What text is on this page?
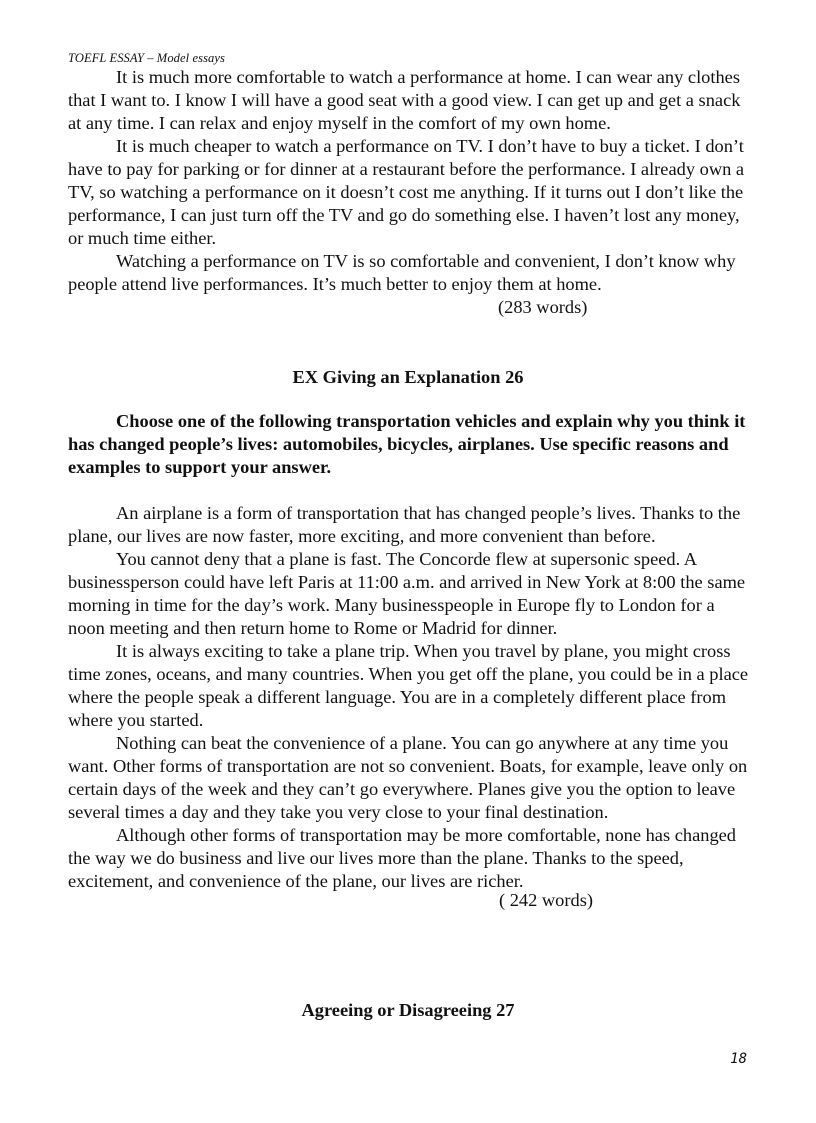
TOEFL ESSAY – Model essays

It is much more comfortable to watch a performance at home. I can wear any clothes that I want to. I know I will have a good seat with a good view. I can get up and get a snack at any time. I can relax and enjoy myself in the comfort of my own home.

It is much cheaper to watch a performance on TV. I don’t have to buy a ticket. I don’t have to pay for parking or for dinner at a restaurant before the performance. I already own a TV, so watching a performance on it doesn’t cost me anything. If it turns out I don’t like the performance, I can just turn off the TV and go do something else. I haven’t lost any money, or much time either.

Watching a performance on TV is so comfortable and convenient, I don’t know why people attend live performances. It’s much better to enjoy them at home.

(283 words)
EX Giving an Explanation 26

Choose one of the following transportation vehicles and explain why you think it has changed people’s lives: automobiles, bicycles, airplanes. Use specific reasons and examples to support your answer.

An airplane is a form of transportation that has changed people’s lives. Thanks to the plane, our lives are now faster, more exciting, and more convenient than before.

You cannot deny that a plane is fast. The Concorde flew at supersonic speed. A businessperson could have left Paris at 11:00 a.m. and arrived in New York at 8:00 the same morning in time for the day’s work. Many businesspeople in Europe fly to London for a noon meeting and then return home to Rome or Madrid for dinner.

It is always exciting to take a plane trip. When you travel by plane, you might cross time zones, oceans, and many countries. When you get off the plane, you could be in a place where the people speak a different language. You are in a completely different place from where you started.

Nothing can beat the convenience of a plane. You can go anywhere at any time you want. Other forms of transportation are not so convenient. Boats, for example, leave only on certain days of the week and they can’t go everywhere. Planes give you the option to leave several times a day and they take you very close to your final destination.

Although other forms of transportation may be more comfortable, none has changed the way we do business and live our lives more than the plane. Thanks to the speed, excitement, and convenience of the plane, our lives are richer.

( 242 words)
Agreeing or Disagreeing 27
18
